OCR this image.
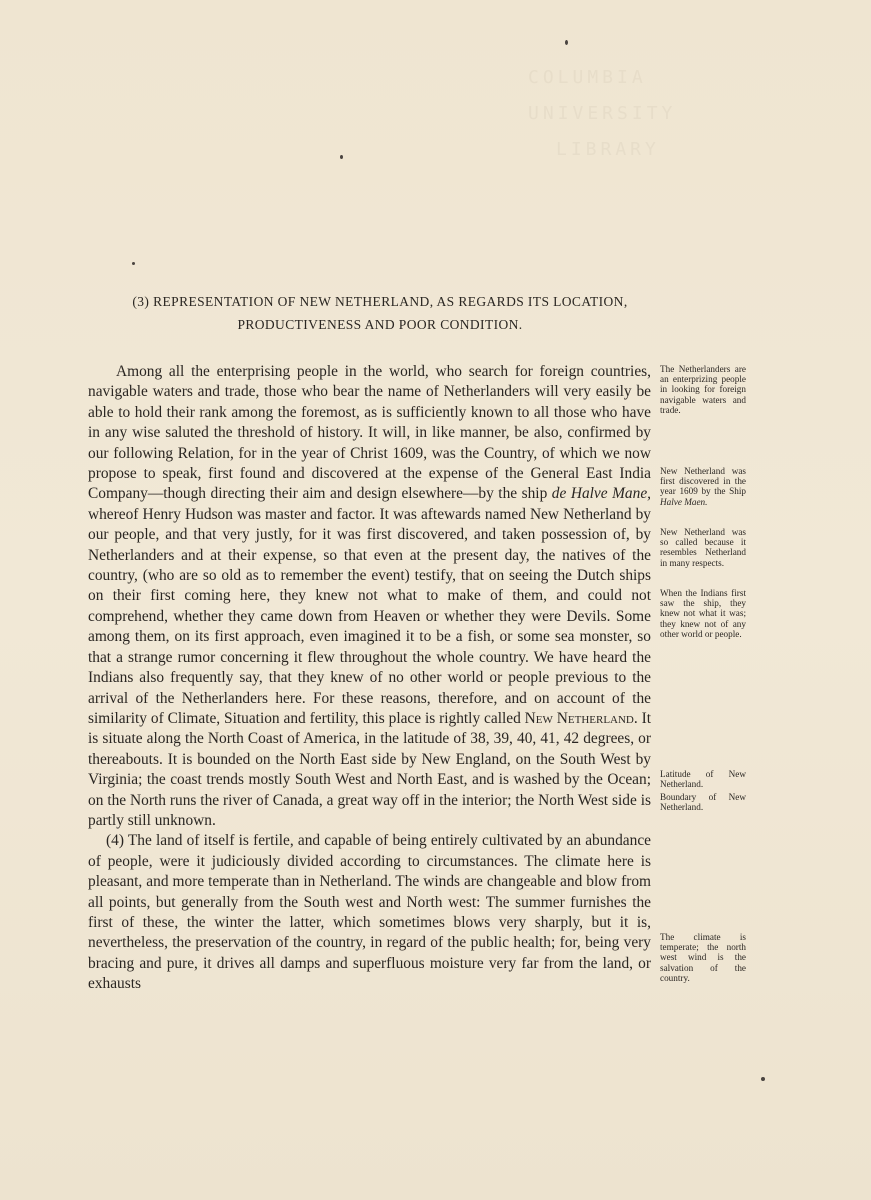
COLUMBIA
UNIVERSITY
LIBRARY
(3) REPRESENTATION OF NEW NETHERLAND, AS REGARDS ITS LOCATION,
PRODUCTIVENESS AND POOR CONDITION.

Among all the enterprising people in the world, who search for foreign countries, navigable waters and trade, those who bear the name of Netherlanders will very easily be able to hold their rank among the foremost, as is sufficiently known to all those who have in any wise saluted the threshold of history. It will, in like manner, be also, confirmed by our following Relation, for in the year of Christ 1609, was the Country, of which we now propose to speak, first found and discovered at the expense of the General East India Company—though directing their aim and design elsewhere—by the ship de Halve Mane, whereof Henry Hudson was master and factor. It was aftewards named New Netherland by our people, and that very justly, for it was first discovered, and taken possession of, by Netherlanders and at their expense, so that even at the present day, the natives of the country, (who are so old as to remember the event) testify, that on seeing the Dutch ships on their first coming here, they knew not what to make of them, and could not comprehend, whether they came down from Heaven or whether they were Devils. Some among them, on its first approach, even imagined it to be a fish, or some sea monster, so that a strange rumor concerning it flew throughout the whole country. We have heard the Indians also frequently say, that they knew of no other world or people previous to the arrival of the Netherlanders here. For these reasons, therefore, and on account of the similarity of Climate, Situation and fertility, this place is rightly called New Netherland. It is situate along the North Coast of America, in the latitude of 38, 39, 40, 41, 42 degrees, or thereabouts. It is bounded on the North East side by New England, on the South West by Virginia; the coast trends mostly South West and North East, and is washed by the Ocean; on the North runs the river of Canada, a great way off in the interior; the North West side is partly still unknown.

(4) The land of itself is fertile, and capable of being entirely cultivated by an abundance of people, were it judiciously divided according to circumstances. The climate here is pleasant, and more temperate than in Netherland. The winds are changeable and blow from all points, but generally from the South west and North west: The summer furnishes the first of these, the winter the latter, which sometimes blows very sharply, but it is, nevertheless, the preservation of the country, in regard of the public health; for, being very bracing and pure, it drives all damps and superfluous moisture very far from the land, or exhausts

The Netherlanders are an enterprizing people in looking for foreign navigable waters and trade.
New Netherland was first discovered in the year 1609 by the Ship Halve Maen.
New Netherland was so called because it resembles Netherland in many respects.
When the Indians first saw the ship, they knew not what it was; they knew not of any other world or people.
Latitude of New Netherland.
Boundary of New Netherland.
The climate is temperate; the north west wind is the salvation of the country.
